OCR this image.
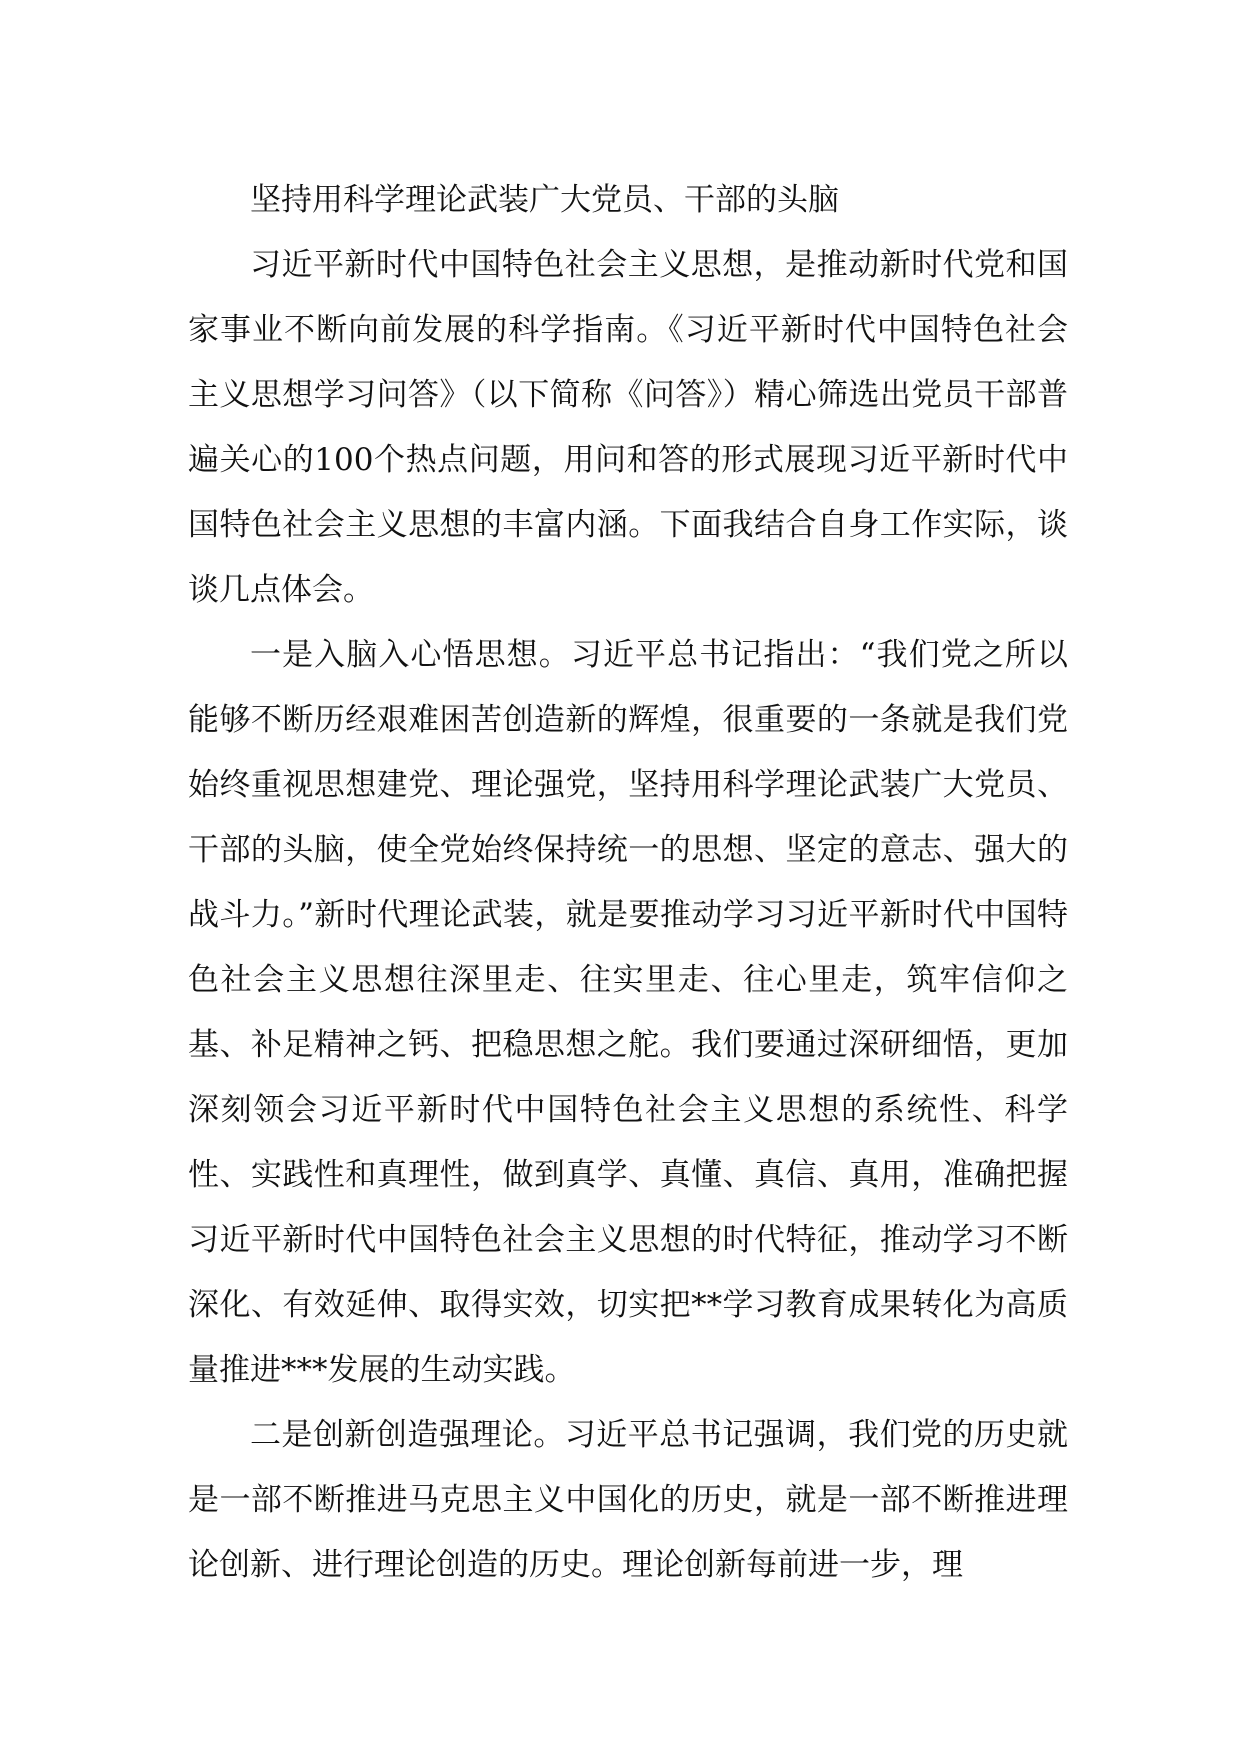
坚持用科学理论武装广大党员、干部的头脑

习近平新时代中国特色社会主义思想，是推动新时代党和国家事业不断向前发展的科学指南。《习近平新时代中国特色社会主义思想学习问答》（以下简称《问答》）精心筛选出党员干部普遍关心的100个热点问题，用问和答的形式展现习近平新时代中国特色社会主义思想的丰富内涵。下面我结合自身工作实际，谈谈几点体会。

一是入脑入心悟思想。习近平总书记指出：“我们党之所以能够不断历经艰难困苦创造新的辉煌，很重要的一条就是我们党始终重视思想建党、理论强党，坚持用科学理论武装广大党员、干部的头脑，使全党始终保持统一的思想、坚定的意志、强大的战斗力。”新时代理论武装，就是要推动学习习近平新时代中国特色社会主义思想往深里走、往实里走、往心里走，筑牢信仰之基、补足精神之钙、把稳思想之舵。我们要通过深研细悟，更加深刻领会习近平新时代中国特色社会主义思想的系统性、科学性、实践性和真理性，做到真学、真懂、真信、真用，准确把握习近平新时代中国特色社会主义思想的时代特征，推动学习不断深化、有效延伸、取得实效，切实把**学习教育成果转化为高质量推进***发展的生动实践。

二是创新创造强理论。习近平总书记强调，我们党的历史就是一部不断推进马克思主义中国化的历史，就是一部不断推进理论创新、进行理论创造的历史。理论创新每前进一步，理
